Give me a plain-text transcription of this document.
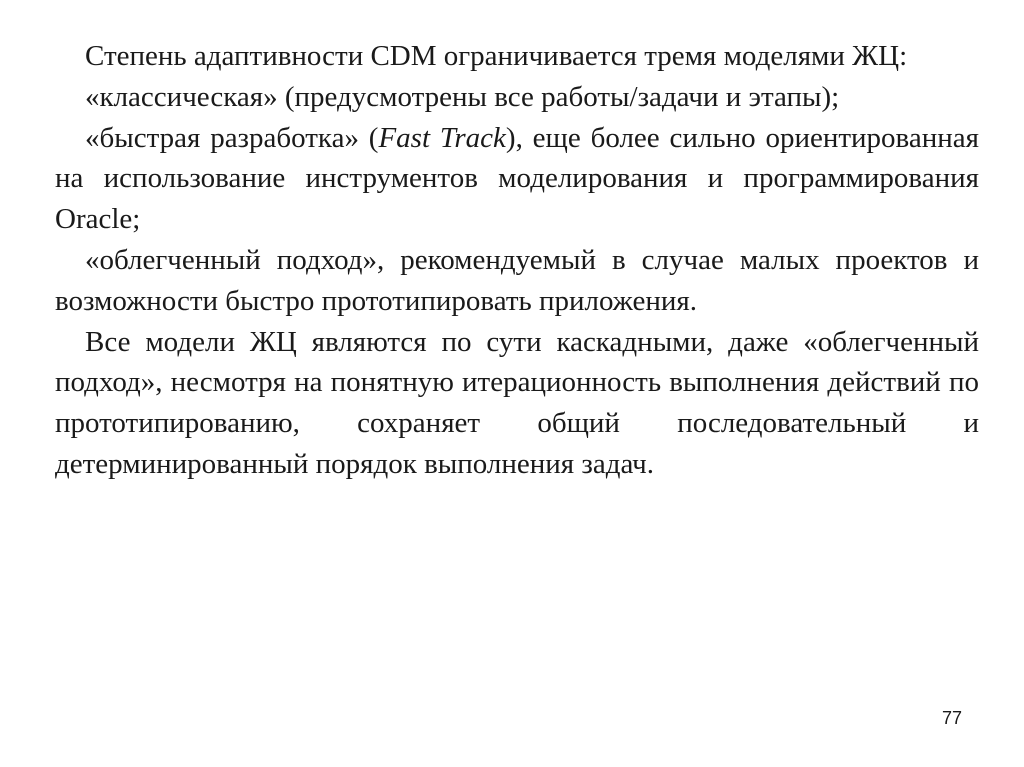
Степень адаптивности CDM ограничивается тремя моделями ЖЦ:

«классическая» (предусмотрены все работы/задачи и этапы);

«быстрая разработка» (Fast Track), еще более сильно ориентированная на использование инструментов моделирования и программирования Oracle;

«облегченный подход», рекомендуемый в случае малых проектов и возможности быстро прототипировать приложения.

Все модели ЖЦ являются по сути каскадными, даже «облегченный подход», несмотря на понятную итерационность выполнения действий по прототипированию, сохраняет общий последовательный и детерминированный порядок выполнения задач.

77
